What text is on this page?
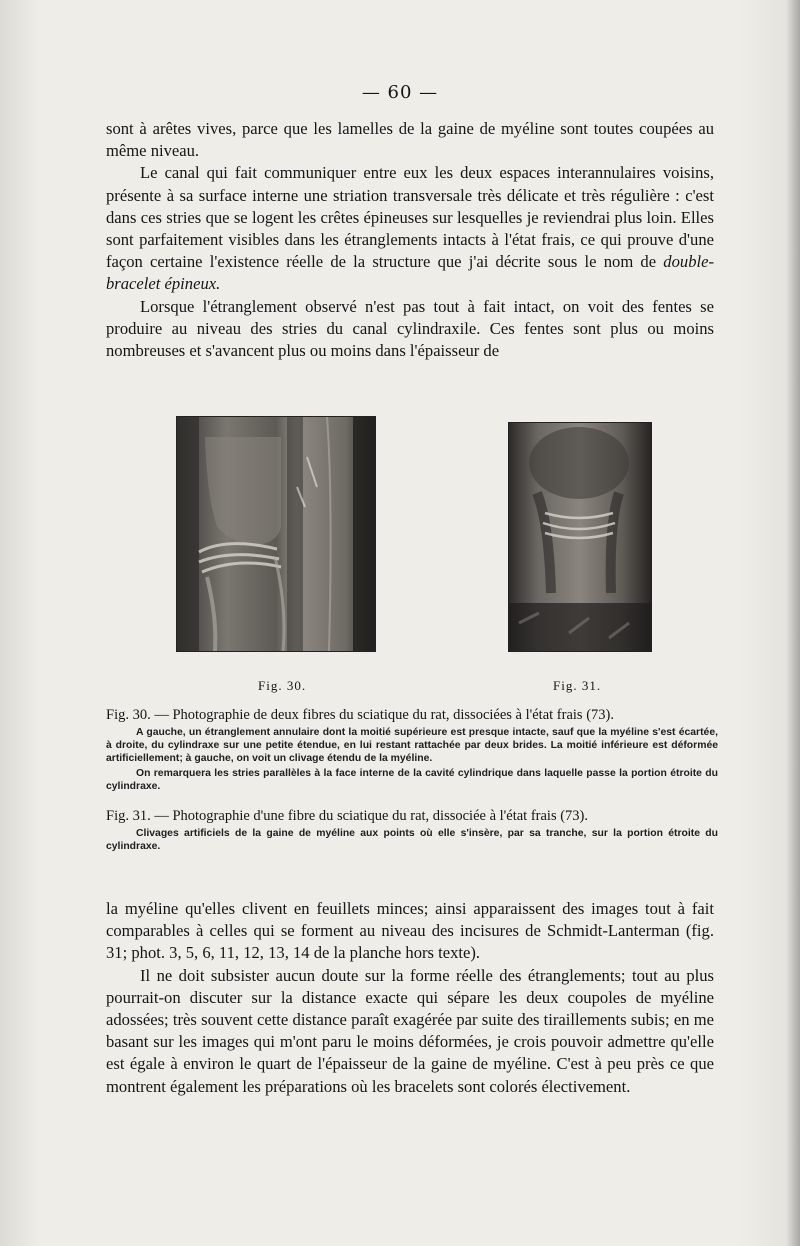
— 60 —

sont à arêtes vives, parce que les lamelles de la gaine de myéline sont toutes coupées au même niveau.

Le canal qui fait communiquer entre eux les deux espaces interannulaires voisins, présente à sa surface interne une striation transversale très délicate et très régulière : c'est dans ces stries que se logent les crêtes épineuses sur lesquelles je reviendrai plus loin. Elles sont parfaitement visibles dans les étranglements intacts à l'état frais, ce qui prouve d'une façon certaine l'existence réelle de la structure que j'ai décrite sous le nom de double-bracelet épineux.

Lorsque l'étranglement observé n'est pas tout à fait intact, on voit des fentes se produire au niveau des stries du canal cylindraxile. Ces fentes sont plus ou moins nombreuses et s'avancent plus ou moins dans l'épaisseur de

Fig. 30.	Fig. 31.

Fig. 30. — Photographie de deux fibres du sciatique du rat, dissociées à l'état frais (73).

A gauche, un étranglement annulaire dont la moitié supérieure est presque intacte, sauf que la myéline s'est écartée, à droite, du cylindraxe sur une petite étendue, en lui restant rattachée par deux brides. La moitié inférieure est déformée artificiellement; à gauche, on voit un clivage étendu de la myéline.

On remarquera les stries parallèles à la face interne de la cavité cylindrique dans laquelle passe la portion étroite du cylindraxe.

Fig. 31. — Photographie d'une fibre du sciatique du rat, dissociée à l'état frais (73).

Clivages artificiels de la gaine de myéline aux points où elle s'insère, par sa tranche, sur la portion étroite du cylindraxe.

la myéline qu'elles clivent en feuillets minces; ainsi apparaissent des images tout à fait comparables à celles qui se forment au niveau des incisures de Schmidt-Lanterman (fig. 31; phot. 3, 5, 6, 11, 12, 13, 14 de la planche hors texte).

Il ne doit subsister aucun doute sur la forme réelle des étranglements; tout au plus pourrait-on discuter sur la distance exacte qui sépare les deux coupoles de myéline adossées; très souvent cette distance paraît exagérée par suite des tiraillements subis; en me basant sur les images qui m'ont paru le moins déformées, je crois pouvoir admettre qu'elle est égale à environ le quart de l'épaisseur de la gaine de myéline. C'est à peu près ce que montrent également les préparations où les bracelets sont colorés électivement.
